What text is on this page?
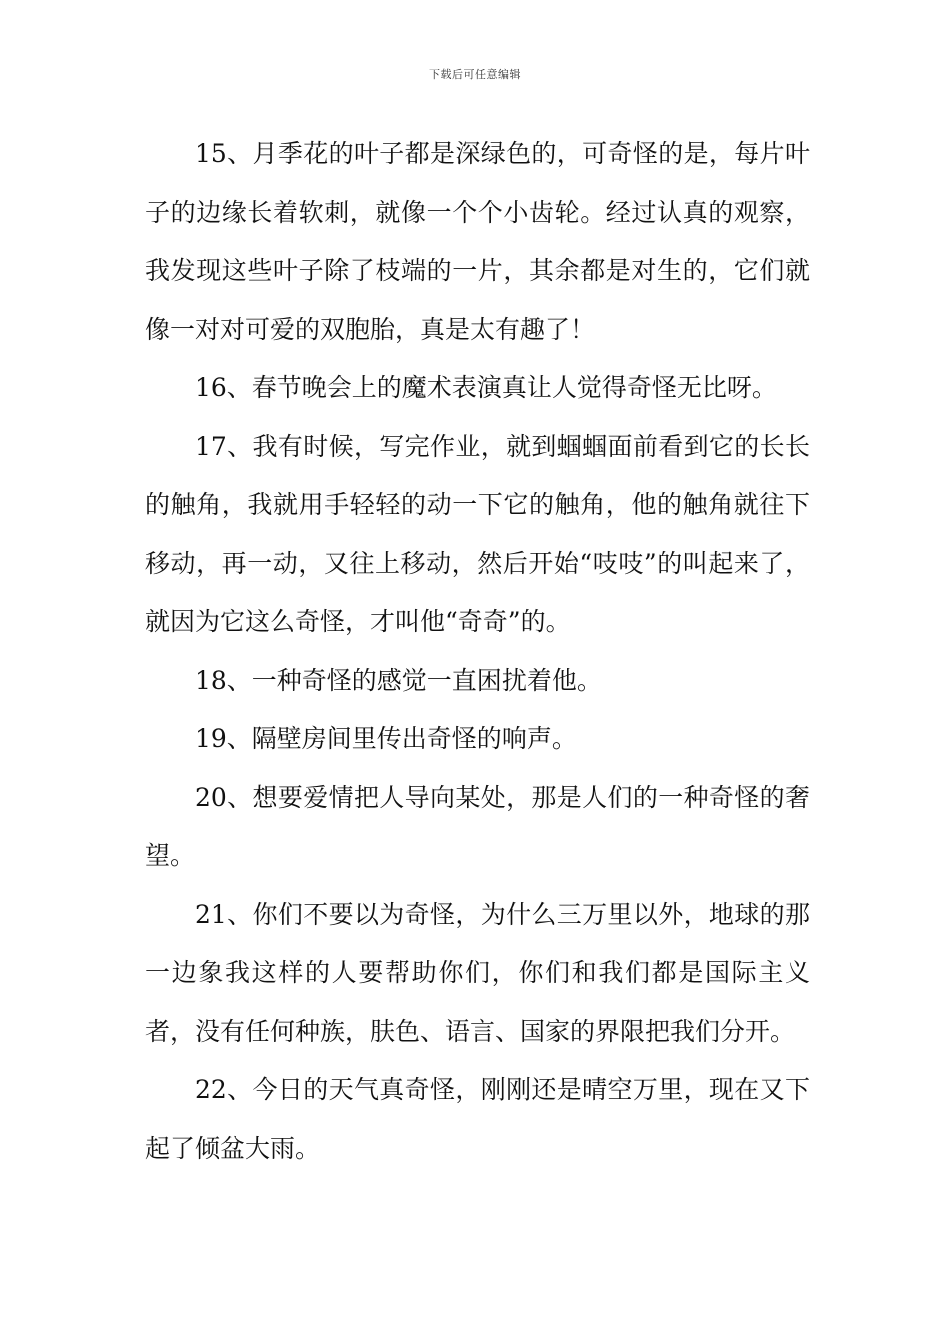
下载后可任意编辑

15、月季花的叶子都是深绿色的，可奇怪的是，每片叶子的边缘长着软刺，就像一个个小齿轮。经过认真的观察，我发现这些叶子除了枝端的一片，其余都是对生的，它们就像一对对可爱的双胞胎，真是太有趣了！

16、春节晚会上的魔术表演真让人觉得奇怪无比呀。

17、我有时候，写完作业，就到蝈蝈面前看到它的长长的触角，我就用手轻轻的动一下它的触角，他的触角就往下移动，再一动，又往上移动，然后开始“吱吱”的叫起来了，就因为它这么奇怪，才叫他“奇奇”的。

18、一种奇怪的感觉一直困扰着他。

19、隔壁房间里传出奇怪的响声。

20、想要爱情把人导向某处，那是人们的一种奇怪的奢望。

21、你们不要以为奇怪，为什么三万里以外，地球的那一边象我这样的人要帮助你们，你们和我们都是国际主义者，没有任何种族，肤色、语言、国家的界限把我们分开。

22、今日的天气真奇怪，刚刚还是晴空万里，现在又下起了倾盆大雨。
